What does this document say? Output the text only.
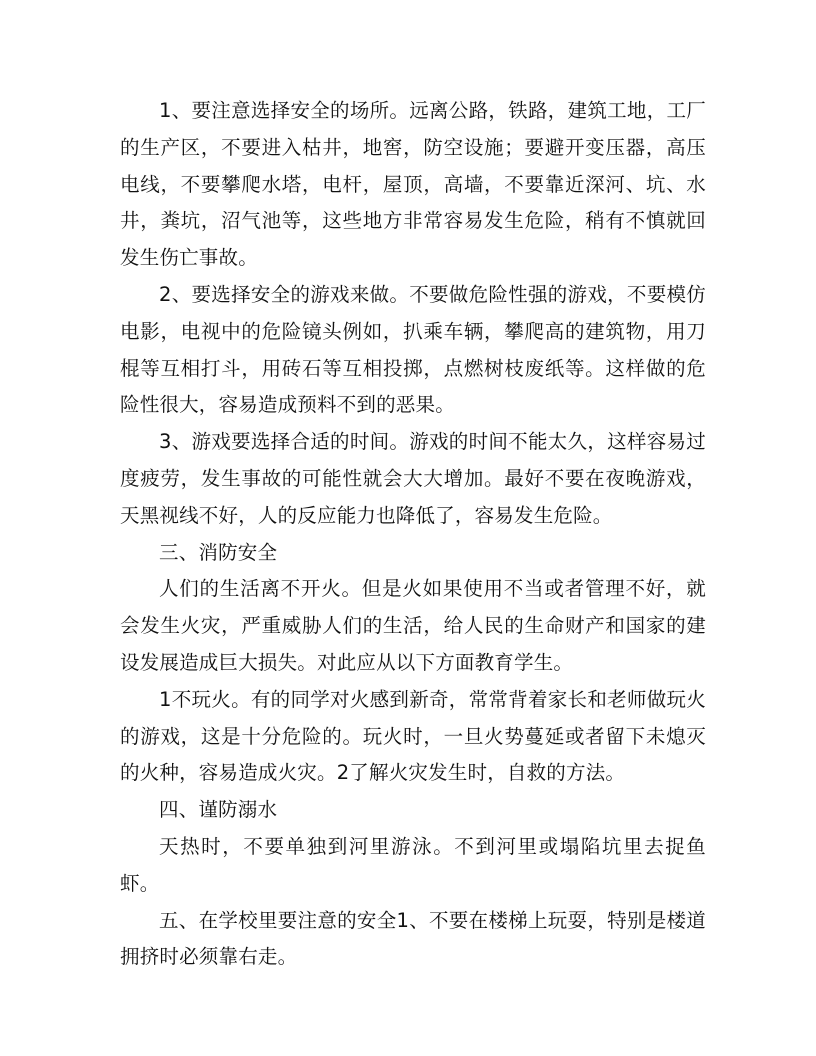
1、要注意选择安全的场所。远离公路，铁路，建筑工地，工厂的生产区，不要进入枯井，地窖，防空设施；要避开变压器，高压电线，不要攀爬水塔，电杆，屋顶，高墙，不要靠近深河、坑、水井，粪坑，沼气池等，这些地方非常容易发生危险，稍有不慎就回发生伤亡事故。

2、要选择安全的游戏来做。不要做危险性强的游戏，不要模仿电影，电视中的危险镜头例如，扒乘车辆，攀爬高的建筑物，用刀棍等互相打斗，用砖石等互相投掷，点燃树枝废纸等。这样做的危险性很大，容易造成预料不到的恶果。

3、游戏要选择合适的时间。游戏的时间不能太久，这样容易过度疲劳，发生事故的可能性就会大大增加。最好不要在夜晚游戏，天黑视线不好，人的反应能力也降低了，容易发生危险。

三、消防安全

人们的生活离不开火。但是火如果使用不当或者管理不好，就会发生火灾，严重威胁人们的生活，给人民的生命财产和国家的建设发展造成巨大损失。对此应从以下方面教育学生。

1不玩火。有的同学对火感到新奇，常常背着家长和老师做玩火的游戏，这是十分危险的。玩火时，一旦火势蔓延或者留下未熄灭的火种，容易造成火灾。2了解火灾发生时，自救的方法。

四、谨防溺水

天热时，不要单独到河里游泳。不到河里或塌陷坑里去捉鱼虾。

五、在学校里要注意的安全1、不要在楼梯上玩耍，特别是楼道拥挤时必须靠右走。
